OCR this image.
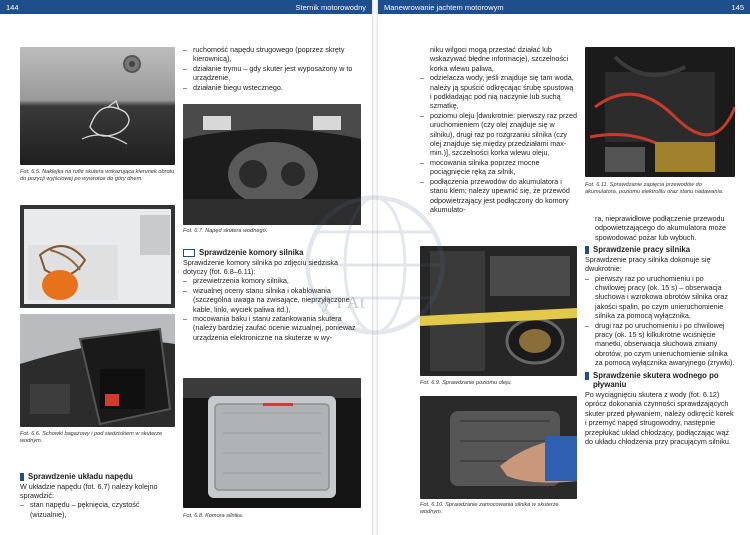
144	Sternik motorowodny Manewrowanie jachtem motorowym	145
Fot. 6.5. Naklejka na rufie skutera wskazująca kierunek obrotu do pozycji wyjściowej po wywrotce do góry dnem.
Fot. 6.6. Schowki bagażowy i pod siedziskiem w skuterze wodnym.
Sprawdzenie układu napędu

W układzie napędu (fot. 6.7) należy kolejno sprawdzić:

– stan napędu – pęknięcia, czystość (wizualnie),
– ruchomość napędu strugowego (poprzez skręty kierownicą),
– działanie trymu – gdy skuter jest wyposażony w to urządzenie,
– działanie biegu wstecznego.
Fot. 6.7. Napęd skutera wodnego.
Sprawdzenie komory silnika

Sprawdzenie komory silnika po zdjęciu siedziska dotyczy (fot. 6.8–6.11):

– przewietrzenia komory silnika,
– wizualnej oceny stanu silnika i okablowania (szczególna uwaga na zwisające, nieprzyłączone kable, linki, wyciek paliwa itd.),
– mocowania baku i stanu zatankowania skutera (należy bardziej zaufać ocenie wizualnej, ponieważ urządzenia elektroniczne na skuterze w wy-
Fot. 6.8. Komora silnika.

niku wilgoci mogą przestać działać lub wskazywać błędne informacje), szczelności korka wlewu paliwa,

– odzielacza wody, jeśli znajduje się tam woda, należy ją spuścić odkręcając śrubę spustową i podkładając pod nią naczynie lub suchą szmatkę,
– poziomu oleju [dwukrotnie: pierwszy raz przed uruchomieniem (czy olej znajduje się w silniku), drugi raz po rozgrzaniu silnika (czy olej znajduje się między przedziałami max-min.)], szczelności korka wlewu oleju,
– mocowania silnika poprzez mocne pociągnięcie ręką za silnik,
– podłączenia przewodów do akumulatora i stanu klem; należy upewnić się, że przewód odpowietrzający jest podłączony do komory akumulato-
Fot. 6.9. Sprawdzanie poziomu oleju.
Fot. 6.10. Sprawdzanie zamocowania silnika w skuterze wodnym.
Fot. 6.11. Sprawdzanie zapięcia przewodów do akumulatora, poziomu elektrolitu oraz stanu nadawania.

ra, nieprawidłowe podłączenie przewodu odpowietrzającego do akumulatora może spowodować pożar lub wybuch.

Sprawdzenie pracy silnika

Sprawdzenie pracy silnika dokonuje się dwukrotnie:

– pierwszy raz po uruchomieniu i po chwilowej pracy (ok. 15 s) – obserwacja słuchowa i wzrokowa obrotów silnika oraz jakości spalin, po czym unieruchomienie silnika za pomocą wyłącznika,
– drugi raz po uruchomieniu i po chwilowej pracy (ok. 15 s) kilkukrotne wciśnięcie manetki, obserwacja słuchowa zmiany obrotów, po czym unieruchomienie silnika za pomocą wyłącznika awaryjnego (zrywki).
Sprawdzenie skutera wodnego po pływaniu

Po wyciągnięciu skutera z wody (fot. 6.12) oprócz dokonania czynności sprawdzających skuter przed pływaniem, należy odkręcić korek i przemyć napęd strugowodny, następnie przepłukać układ chłodzący, podłączając wąż do układu chłodzenia przy pracującym silniku.

y i At
